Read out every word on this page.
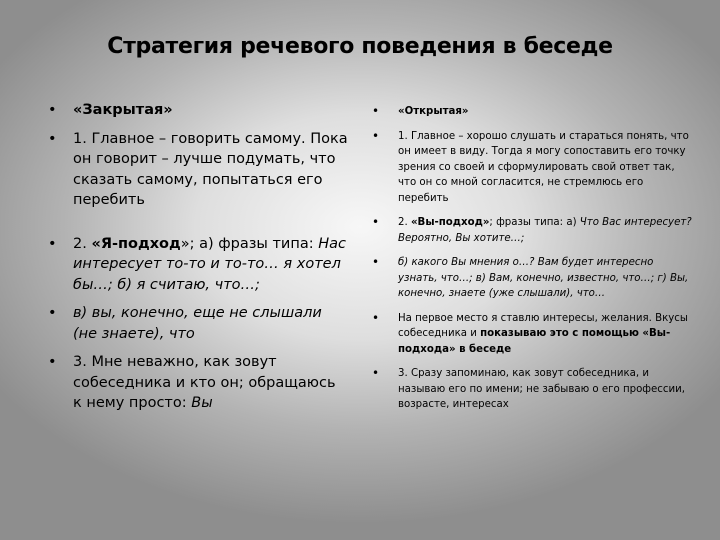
Стратегия речевого поведения в беседе
• «Закрытая»
• 1. Главное – говорить самому. Пока он говорит – лучше подумать, что сказать самому, попытаться его перебить
• 2. «Я-подход»; а) фразы типа: Нас интересует то-то и то-то… я хотел бы…; б) я считаю, что…;
• в) вы, конечно, еще не слышали (не знаете), что
• 3. Мне неважно, как зовут собеседника и кто он; обращаюсь к нему просто: Вы
• «Открытая»
• 1. Главное – хорошо слушать и стараться понять, что он имеет в виду. Тогда я могу сопоставить его точку зрения со своей и сформулировать свой ответ так, что он со мной согласится, не стремлюсь его перебить
• 2. «Вы-подход»; фразы типа: а) Что Вас интересует? Вероятно, Вы хотите…;
• б) какого Вы мнения о…? Вам будет интересно узнать, что…; в) Вам, конечно, известно, что…; г) Вы, конечно, знаете (уже слышали), что…
• На первое место я ставлю интересы, желания. Вкусы собеседника и показываю это с помощью «Вы-подхода» в беседе
• 3. Сразу запоминаю, как зовут собеседника, и называю его по имени; не забываю о его профессии, возрасте, интересах
